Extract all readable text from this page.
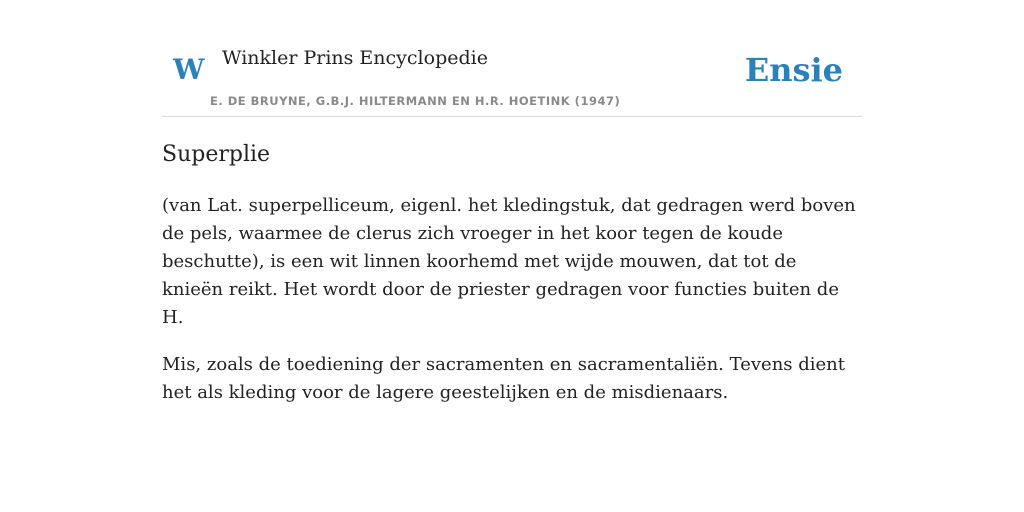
W Winkler Prins Encyclopedie
E. DE BRUYNE, G.B.J. HILTERMANN EN H.R. HOETINK (1947)
Ensie
Superplie

(van Lat. superpelliceum, eigenl. het kledingstuk, dat gedragen werd boven de pels, waarmee de clerus zich vroeger in het koor tegen de koude beschutte), is een wit linnen koorhemd met wijde mouwen, dat tot de knieën reikt. Het wordt door de priester gedragen voor functies buiten de H.

Mis, zoals de toediening der sacramenten en sacramentaliën. Tevens dient het als kleding voor de lagere geestelijken en de misdienaars.
